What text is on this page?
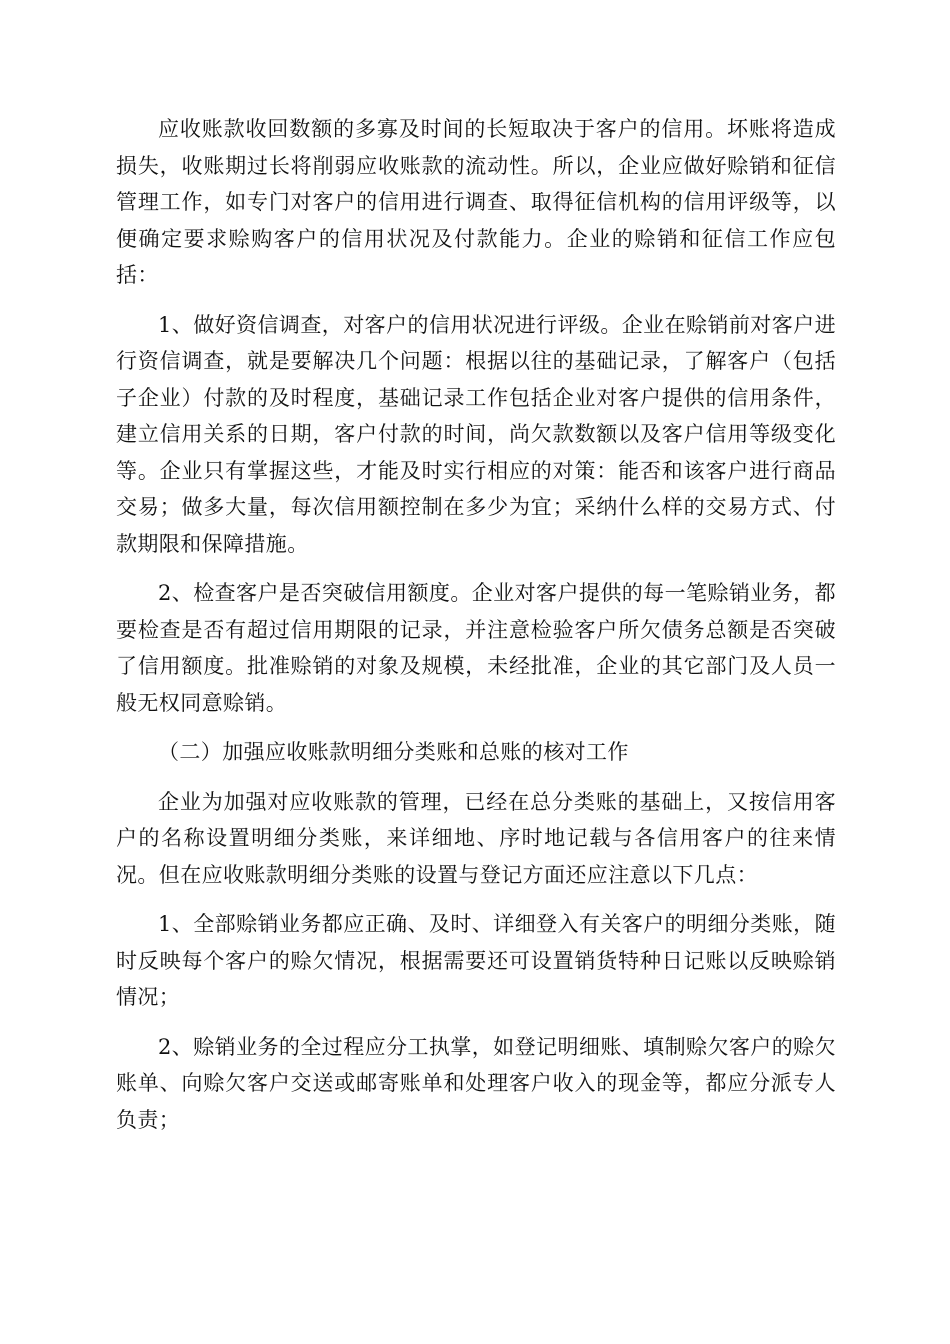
应收账款收回数额的多寡及时间的长短取决于客户的信用。坏账将造成损失，收账期过长将削弱应收账款的流动性。所以，企业应做好赊销和征信管理工作，如专门对客户的信用进行调查、取得征信机构的信用评级等，以便确定要求赊购客户的信用状况及付款能力。企业的赊销和征信工作应包括：

1、做好资信调查，对客户的信用状况进行评级。企业在赊销前对客户进行资信调查，就是要解决几个问题：根据以往的基础记录，了解客户（包括子企业）付款的及时程度，基础记录工作包括企业对客户提供的信用条件，建立信用关系的日期，客户付款的时间，尚欠款数额以及客户信用等级变化等。企业只有掌握这些，才能及时实行相应的对策：能否和该客户进行商品交易；做多大量，每次信用额控制在多少为宜；采纳什么样的交易方式、付款期限和保障措施。

2、检查客户是否突破信用额度。企业对客户提供的每一笔赊销业务，都要检查是否有超过信用期限的记录，并注意检验客户所欠债务总额是否突破了信用额度。批准赊销的对象及规模，未经批准，企业的其它部门及人员一般无权同意赊销。

（二）加强应收账款明细分类账和总账的核对工作

企业为加强对应收账款的管理，已经在总分类账的基础上，又按信用客户的名称设置明细分类账，来详细地、序时地记载与各信用客户的往来情况。但在应收账款明细分类账的设置与登记方面还应注意以下几点：

1、全部赊销业务都应正确、及时、详细登入有关客户的明细分类账，随时反映每个客户的赊欠情况，根据需要还可设置销货特种日记账以反映赊销情况；

2、赊销业务的全过程应分工执掌，如登记明细账、填制赊欠客户的赊欠账单、向赊欠客户交送或邮寄账单和处理客户收入的现金等，都应分派专人负责；
